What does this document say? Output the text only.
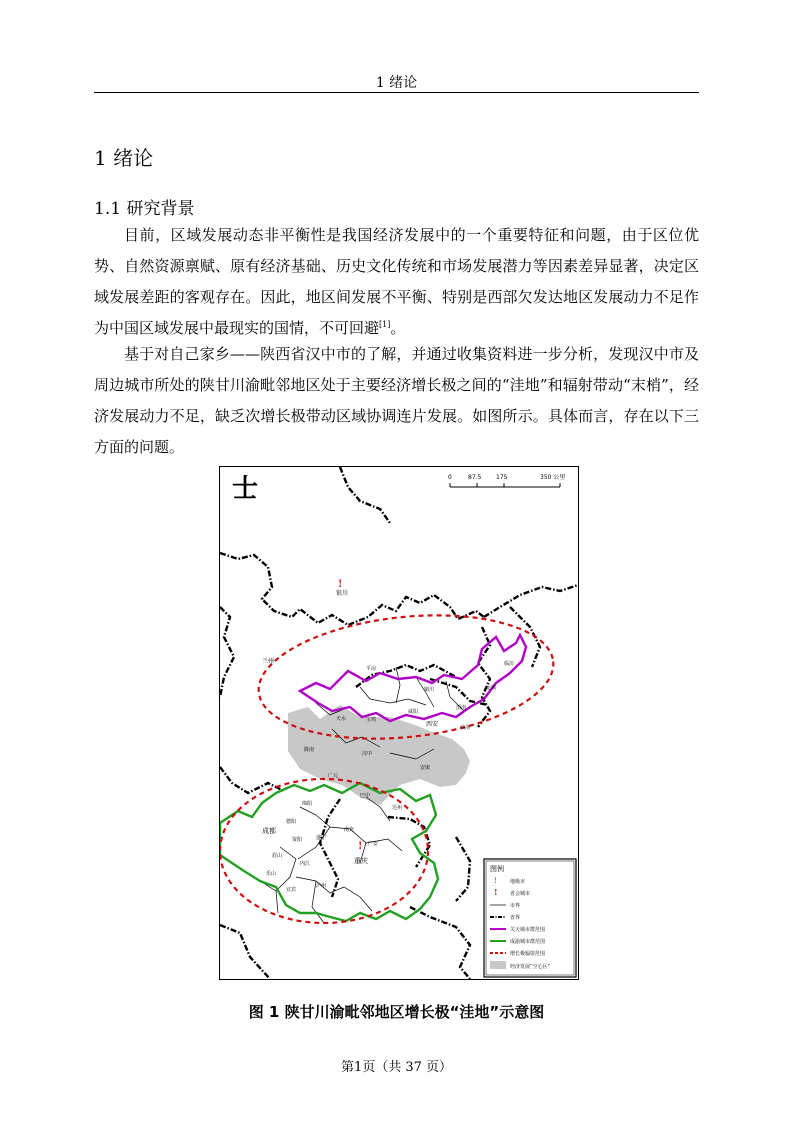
1 绪论
1 绪论
1.1 研究背景

目前，区域发展动态非平衡性是我国经济发展中的一个重要特征和问题，由于区位优势、自然资源禀赋、原有经济基础、历史文化传统和市场发展潜力等因素差异显著，决定区域发展差距的客观存在。因此，地区间发展不平衡、特别是西部欠发达地区发展动力不足作为中国区域发展中最现实的国情，不可回避[1]。

基于对自己家乡——陕西省汉中市的了解，并通过收集资料进一步分析，发现汉中市及周边城市所处的陕甘川渝毗邻地区处于主要经济增长极之间的“洼地”和辐射带动“末梢”，经济发展动力不足，缺乏次增长极带动区域协调连片发展。如图所示。具体而言，存在以下三方面的问题。

士	0	87.5 175	350 公里
!
银川
兰州
平凉
天水	宝鸡
铜川
咸阳
渭南
西安	商洛
临汾
运城
陇南
汉中
安康
广元
巴中
达州
绵阳
德阳
成都	南充
遂宁
广安
资阳
眉山
内江
乐山
宜宾
泸州
!
重庆
图例
!	地级市
! 省会城市
市界
省界
关天城市群范围
成渝城市群范围
增长极辐射范围
经济发展“空心区”
图 1 陕甘川渝毗邻地区增长极“洼地”示意图
第1页（共 37 页）
